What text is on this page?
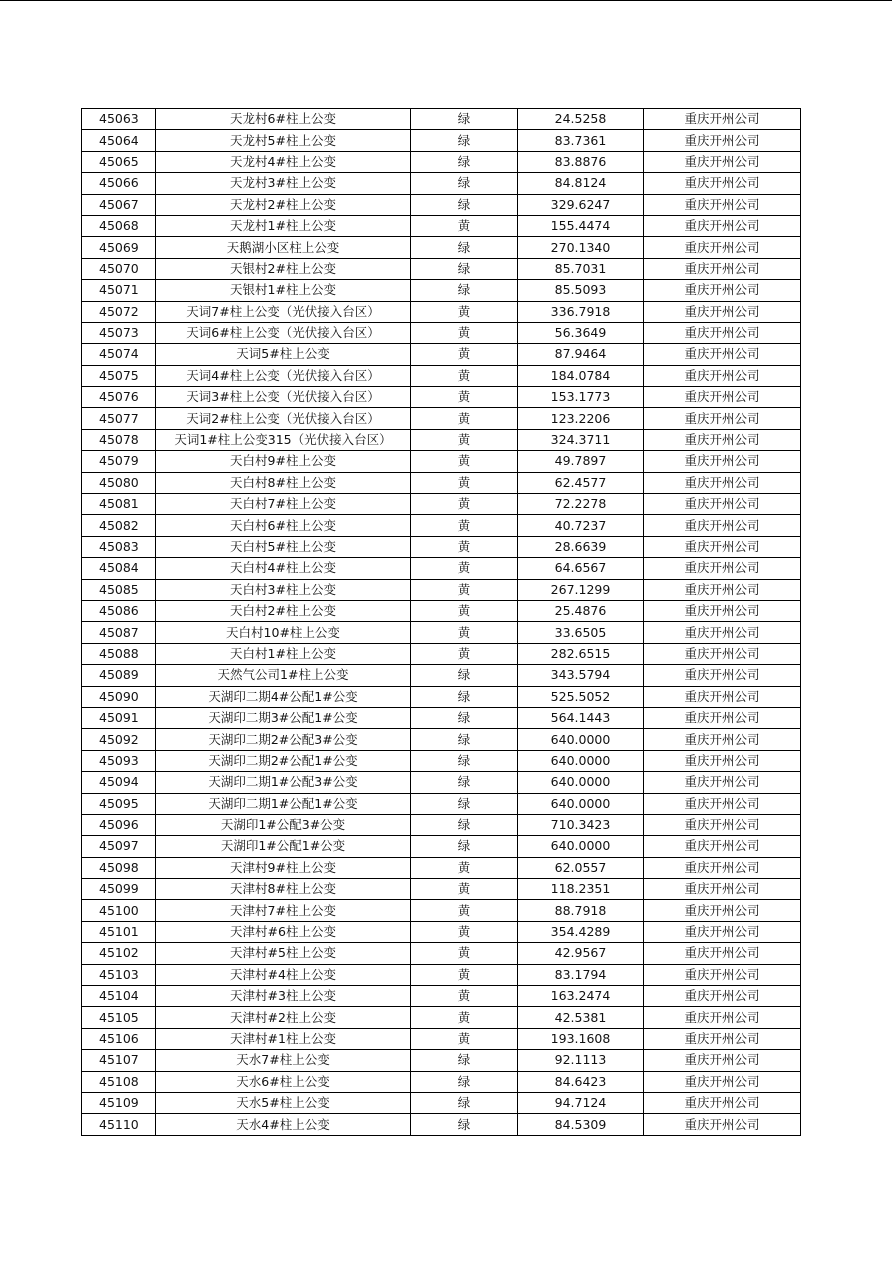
45063	天龙村6#柱上公变	绿	24.5258	重庆开州公司
45064	天龙村5#柱上公变	绿	83.7361	重庆开州公司
45065	天龙村4#柱上公变	绿	83.8876	重庆开州公司
45066	天龙村3#柱上公变	绿	84.8124	重庆开州公司
45067	天龙村2#柱上公变	绿	329.6247	重庆开州公司
45068	天龙村1#柱上公变	黄	155.4474	重庆开州公司
45069	天鹅湖小区柱上公变	绿	270.1340	重庆开州公司
45070	天银村2#柱上公变	绿	85.7031	重庆开州公司
45071	天银村1#柱上公变	绿	85.5093	重庆开州公司
45072	天词7#柱上公变（光伏接入台区）	黄	336.7918	重庆开州公司
45073	天词6#柱上公变（光伏接入台区）	黄	56.3649	重庆开州公司
45074	天词5#柱上公变	黄	87.9464	重庆开州公司
45075	天词4#柱上公变（光伏接入台区）	黄	184.0784	重庆开州公司
45076	天词3#柱上公变（光伏接入台区）	黄	153.1773	重庆开州公司
45077	天词2#柱上公变（光伏接入台区）	黄	123.2206	重庆开州公司
45078	天词1#柱上公变315（光伏接入台区）	黄	324.3711	重庆开州公司
45079	天白村9#柱上公变	黄	49.7897	重庆开州公司
45080	天白村8#柱上公变	黄	62.4577	重庆开州公司
45081	天白村7#柱上公变	黄	72.2278	重庆开州公司
45082	天白村6#柱上公变	黄	40.7237	重庆开州公司
45083	天白村5#柱上公变	黄	28.6639	重庆开州公司
45084	天白村4#柱上公变	黄	64.6567	重庆开州公司
45085	天白村3#柱上公变	黄	267.1299	重庆开州公司
45086	天白村2#柱上公变	黄	25.4876	重庆开州公司
45087	天白村10#柱上公变	黄	33.6505	重庆开州公司
45088	天白村1#柱上公变	黄	282.6515	重庆开州公司
45089	天然气公司1#柱上公变	绿	343.5794	重庆开州公司
45090	天湖印二期4#公配1#公变	绿	525.5052	重庆开州公司
45091	天湖印二期3#公配1#公变	绿	564.1443	重庆开州公司
45092	天湖印二期2#公配3#公变	绿	640.0000	重庆开州公司
45093	天湖印二期2#公配1#公变	绿	640.0000	重庆开州公司
45094	天湖印二期1#公配3#公变	绿	640.0000	重庆开州公司
45095	天湖印二期1#公配1#公变	绿	640.0000	重庆开州公司
45096	天湖印1#公配3#公变	绿	710.3423	重庆开州公司
45097	天湖印1#公配1#公变	绿	640.0000	重庆开州公司
45098	天津村9#柱上公变	黄	62.0557	重庆开州公司
45099	天津村8#柱上公变	黄	118.2351	重庆开州公司
45100	天津村7#柱上公变	黄	88.7918	重庆开州公司
45101	天津村#6柱上公变	黄	354.4289	重庆开州公司
45102	天津村#5柱上公变	黄	42.9567	重庆开州公司
45103	天津村#4柱上公变	黄	83.1794	重庆开州公司
45104	天津村#3柱上公变	黄	163.2474	重庆开州公司
45105	天津村#2柱上公变	黄	42.5381	重庆开州公司
45106	天津村#1柱上公变	黄	193.1608	重庆开州公司
45107	天水7#柱上公变	绿	92.1113	重庆开州公司
45108	天水6#柱上公变	绿	84.6423	重庆开州公司
45109	天水5#柱上公变	绿	94.7124	重庆开州公司
45110	天水4#柱上公变	绿	84.5309	重庆开州公司
